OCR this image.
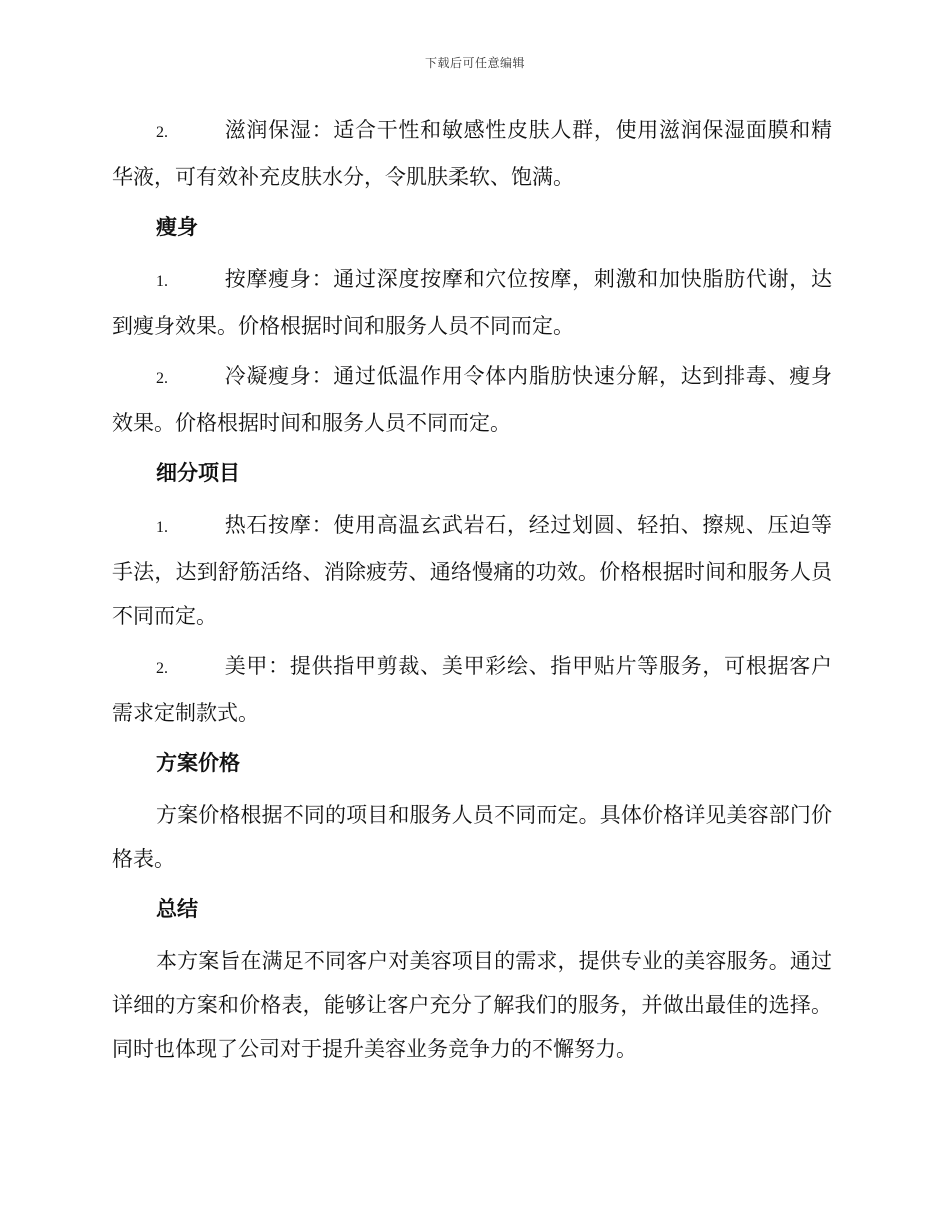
下载后可任意编辑

2.	滋润保湿：适合干性和敏感性皮肤人群，使用滋润保湿面膜和精华液，可有效补充皮肤水分，令肌肤柔软、饱满。

瘦身

1.	按摩瘦身：通过深度按摩和穴位按摩，刺激和加快脂肪代谢，达到瘦身效果。价格根据时间和服务人员不同而定。

2.	冷凝瘦身：通过低温作用令体内脂肪快速分解，达到排毒、瘦身效果。价格根据时间和服务人员不同而定。

细分项目

1.	热石按摩：使用高温玄武岩石，经过划圆、轻拍、擦规、压迫等手法，达到舒筋活络、消除疲劳、通络慢痛的功效。价格根据时间和服务人员不同而定。

2.	美甲：提供指甲剪裁、美甲彩绘、指甲贴片等服务，可根据客户需求定制款式。

方案价格

方案价格根据不同的项目和服务人员不同而定。具体价格详见美容部门价格表。

总结

本方案旨在满足不同客户对美容项目的需求，提供专业的美容服务。通过详细的方案和价格表，能够让客户充分了解我们的服务，并做出最佳的选择。同时也体现了公司对于提升美容业务竞争力的不懈努力。
